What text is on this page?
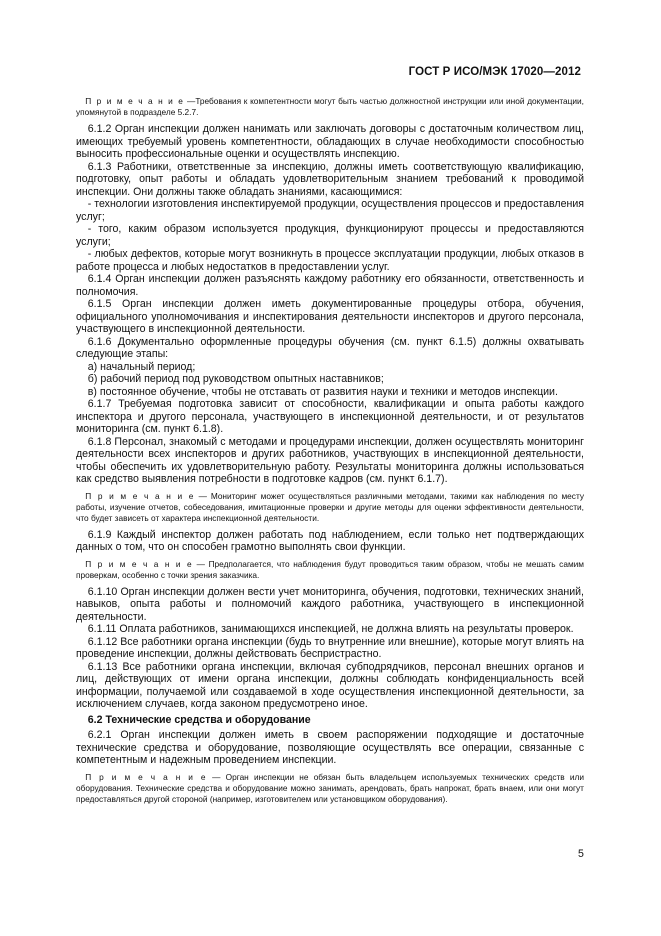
ГОСТ Р ИСО/МЭК 17020—2012

П р и м е ч а н и е —Требования к компетентности могут быть частью должностной инструкции или иной документации, упомянутой в подразделе 5.2.7.

6.1.2 Орган инспекции должен нанимать или заключать договоры с достаточным количеством лиц, имеющих требуемый уровень компетентности, обладающих в случае необходимости способностью выносить профессиональные оценки и осуществлять инспекцию.

6.1.3 Работники, ответственные за инспекцию, должны иметь соответствующую квалификацию, подготовку, опыт работы и обладать удовлетворительным знанием требований к проводимой инспекции. Они должны также обладать знаниями, касающимися:

- технологии изготовления инспектируемой продукции, осуществления процессов и предоставления услуг;

- того, каким образом используется продукция, функционируют процессы и предоставляются услуги;

- любых дефектов, которые могут возникнуть в процессе эксплуатации продукции, любых отказов в работе процесса и любых недостатков в предоставлении услуг.

6.1.4 Орган инспекции должен разъяснять каждому работнику его обязанности, ответственность и полномочия.

6.1.5 Орган инспекции должен иметь документированные процедуры отбора, обучения, официального уполномочивания и инспектирования деятельности инспекторов и другого персонала, участвующего в инспекционной деятельности.

6.1.6 Документально оформленные процедуры обучения (см. пункт 6.1.5) должны охватывать следующие этапы:

а) начальный период;

б) рабочий период под руководством опытных наставников;

в) постоянное обучение, чтобы не отставать от развития науки и техники и методов инспекции.

6.1.7 Требуемая подготовка зависит от способности, квалификации и опыта работы каждого инспектора и другого персонала, участвующего в инспекционной деятельности, и от результатов мониторинга (см. пункт 6.1.8).

6.1.8 Персонал, знакомый с методами и процедурами инспекции, должен осуществлять мониторинг деятельности всех инспекторов и других работников, участвующих в инспекционной деятельности, чтобы обеспечить их удовлетворительную работу. Результаты мониторинга должны использоваться как средство выявления потребности в подготовке кадров (см. пункт 6.1.7).

П р и м е ч а н и е — Мониторинг может осуществляться различными методами, такими как наблюдения по месту работы, изучение отчетов, собеседования, имитационные проверки и другие методы для оценки эффективности деятельности, что будет зависеть от характера инспекционной деятельности.

6.1.9 Каждый инспектор должен работать под наблюдением, если только нет подтверждающих данных о том, что он способен грамотно выполнять свои функции.

П р и м е ч а н и е — Предполагается, что наблюдения будут проводиться таким образом, чтобы не мешать самим проверкам, особенно с точки зрения заказчика.

6.1.10 Орган инспекции должен вести учет мониторинга, обучения, подготовки, технических знаний, навыков, опыта работы и полномочий каждого работника, участвующего в инспекционной деятельности.

6.1.11 Оплата работников, занимающихся инспекцией, не должна влиять на результаты проверок.

6.1.12 Все работники органа инспекции (будь то внутренние или внешние), которые могут влиять на проведение инспекции, должны действовать беспристрастно.

6.1.13 Все работники органа инспекции, включая субподрядчиков, персонал внешних органов и лиц, действующих от имени органа инспекции, должны соблюдать конфиденциальность всей информации, получаемой или создаваемой в ходе осуществления инспекционной деятельности, за исключением случаев, когда законом предусмотрено иное.

6.2 Технические средства и оборудование

6.2.1 Орган инспекции должен иметь в своем распоряжении подходящие и достаточные технические средства и оборудование, позволяющие осуществлять все операции, связанные с компетентным и надежным проведением инспекции.

П р и м е ч а н и е — Орган инспекции не обязан быть владельцем используемых технических средств или оборудования. Технические средства и оборудование можно занимать, арендовать, брать напрокат, брать внаем, или они могут предоставляться другой стороной (например, изготовителем или установщиком оборудования).

5
